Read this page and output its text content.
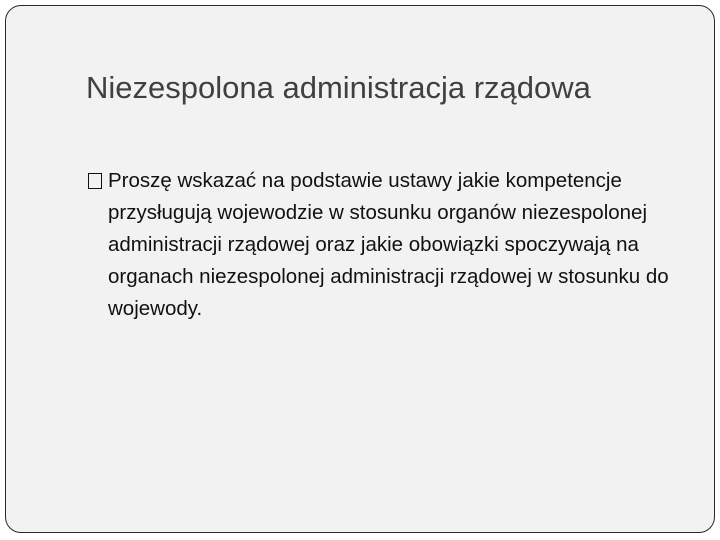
Niezespolona administracja rządowa
Proszę wskazać na podstawie ustawy jakie kompetencje przysługują wojewodzie w stosunku organów niezespolonej administracji rządowej oraz jakie obowiązki spoczywają na organach niezespolonej administracji rządowej w stosunku do wojewody.
